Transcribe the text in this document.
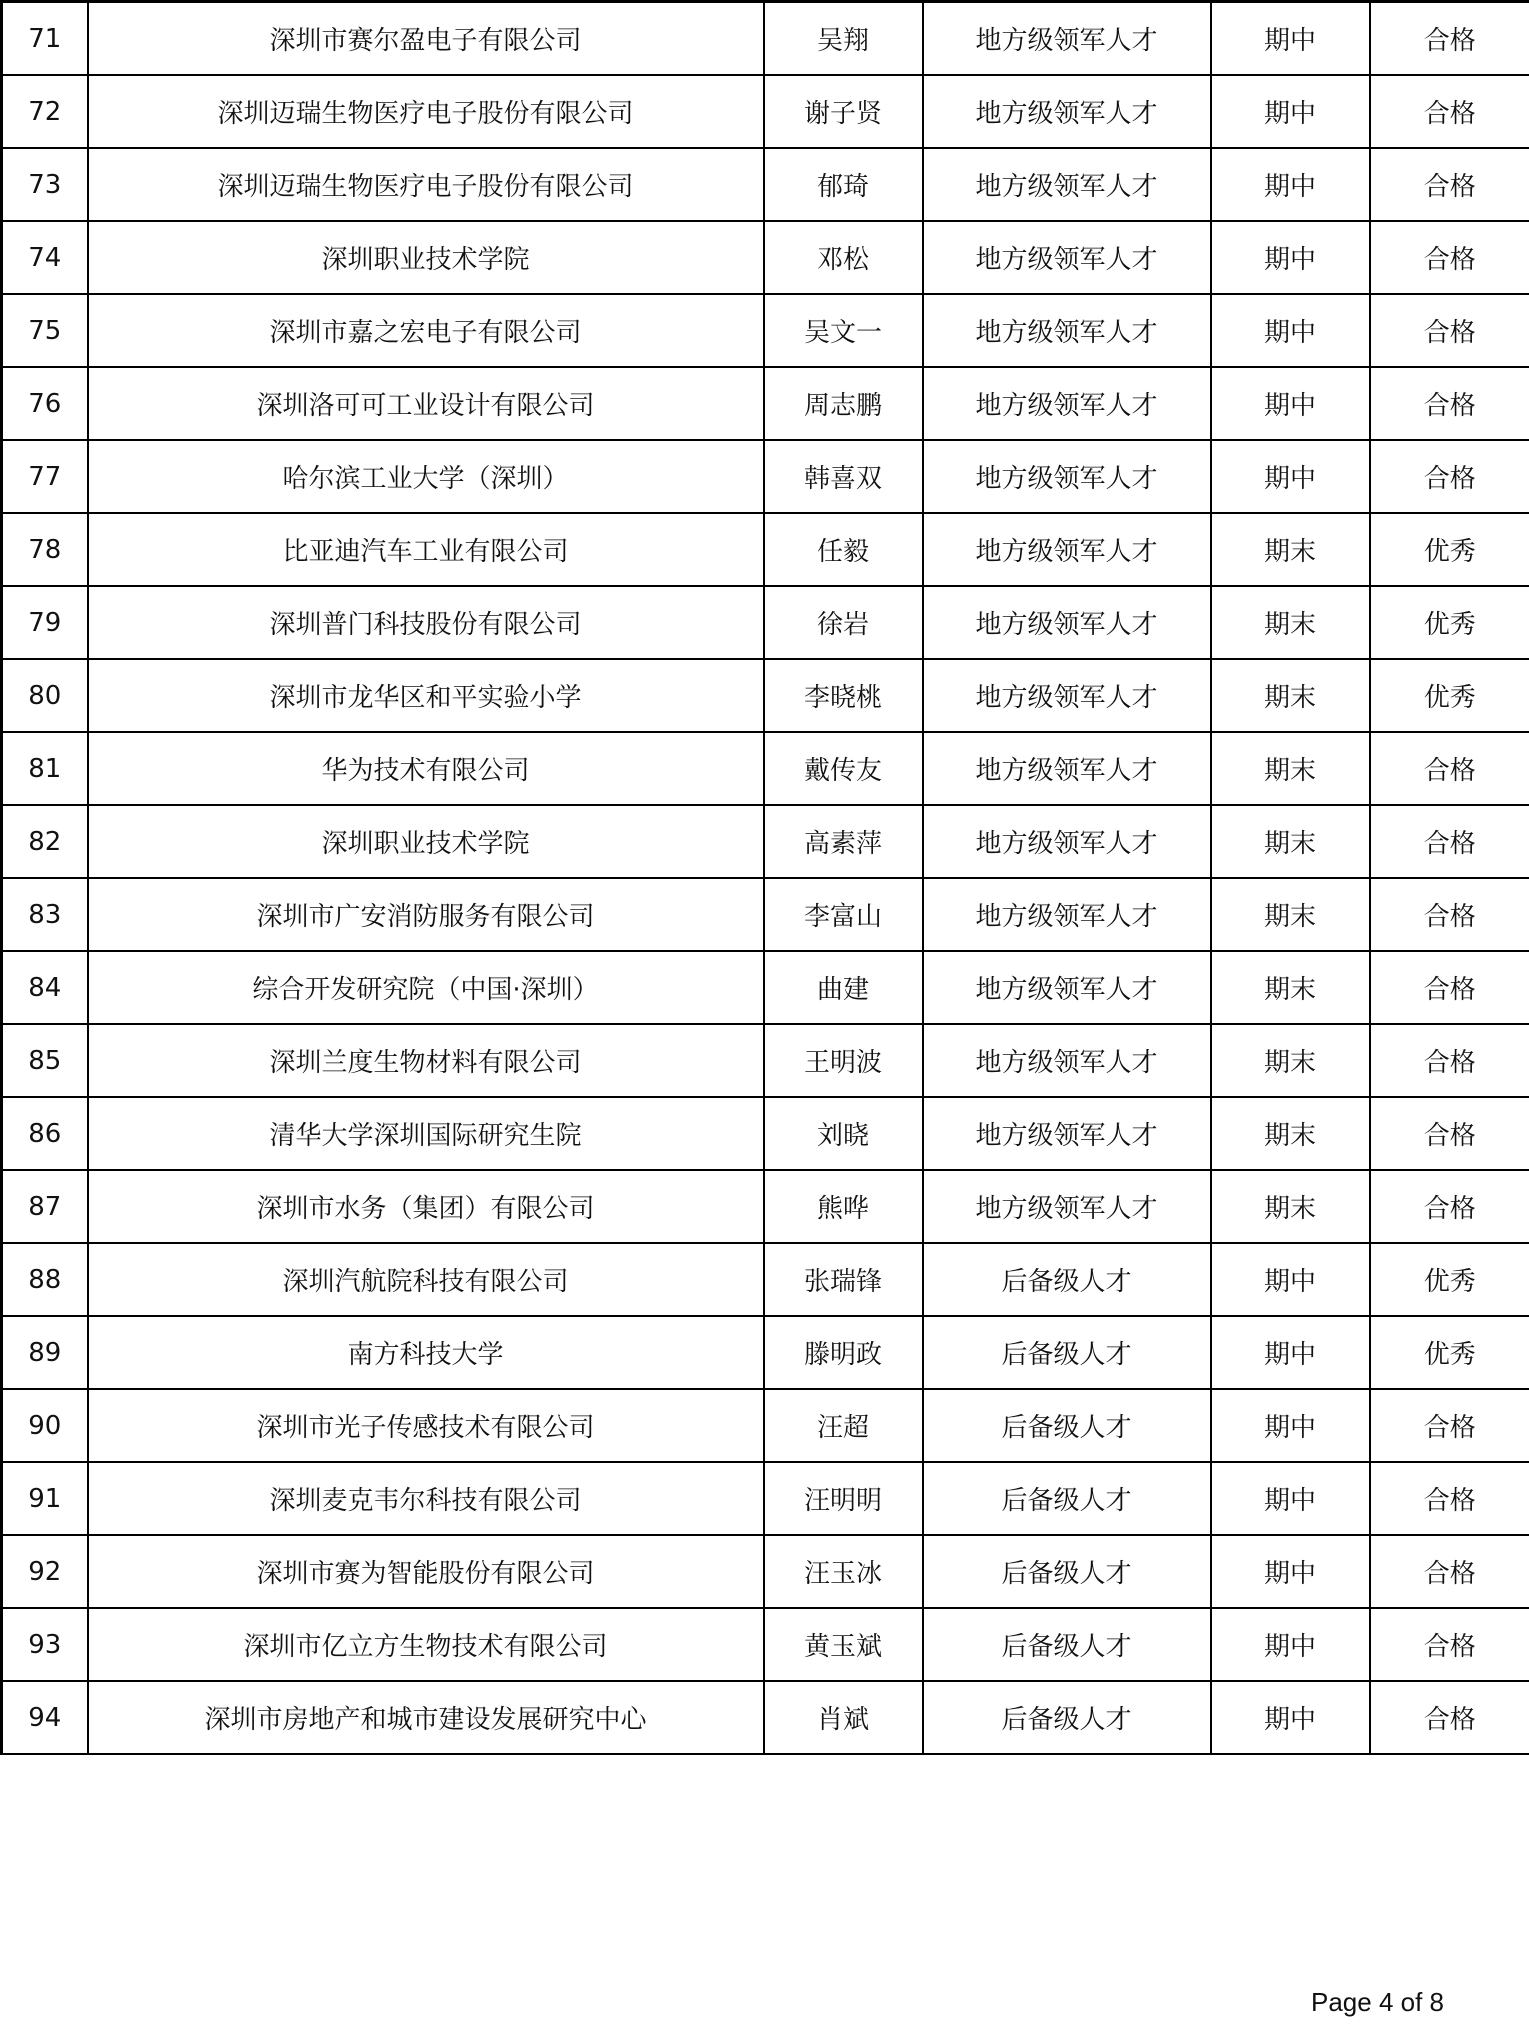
71	深圳市赛尔盈电子有限公司	吴翔	地方级领军人才	期中	合格
72	深圳迈瑞生物医疗电子股份有限公司	谢子贤	地方级领军人才	期中	合格
73	深圳迈瑞生物医疗电子股份有限公司	郁琦	地方级领军人才	期中	合格
74	深圳职业技术学院	邓松	地方级领军人才	期中	合格
75	深圳市嘉之宏电子有限公司	吴文一	地方级领军人才	期中	合格
76	深圳洛可可工业设计有限公司	周志鹏	地方级领军人才	期中	合格
77	哈尔滨工业大学（深圳）	韩喜双	地方级领军人才	期中	合格
78	比亚迪汽车工业有限公司	任毅	地方级领军人才	期末	优秀
79	深圳普门科技股份有限公司	徐岩	地方级领军人才	期末	优秀
80	深圳市龙华区和平实验小学	李晓桃	地方级领军人才	期末	优秀
81	华为技术有限公司	戴传友	地方级领军人才	期末	合格
82	深圳职业技术学院	高素萍	地方级领军人才	期末	合格
83	深圳市广安消防服务有限公司	李富山	地方级领军人才	期末	合格
84	综合开发研究院（中国·深圳）	曲建	地方级领军人才	期末	合格
85	深圳兰度生物材料有限公司	王明波	地方级领军人才	期末	合格
86	清华大学深圳国际研究生院	刘晓	地方级领军人才	期末	合格
87	深圳市水务（集团）有限公司	熊哗	地方级领军人才	期末	合格
88	深圳汽航院科技有限公司	张瑞锋	后备级人才	期中	优秀
89	南方科技大学	滕明政	后备级人才	期中	优秀
90	深圳市光子传感技术有限公司	汪超	后备级人才	期中	合格
91	深圳麦克韦尔科技有限公司	汪明明	后备级人才	期中	合格
92	深圳市赛为智能股份有限公司	汪玉冰	后备级人才	期中	合格
93	深圳市亿立方生物技术有限公司	黄玉斌	后备级人才	期中	合格
94	深圳市房地产和城市建设发展研究中心	肖斌	后备级人才	期中	合格
Page 4 of 8
